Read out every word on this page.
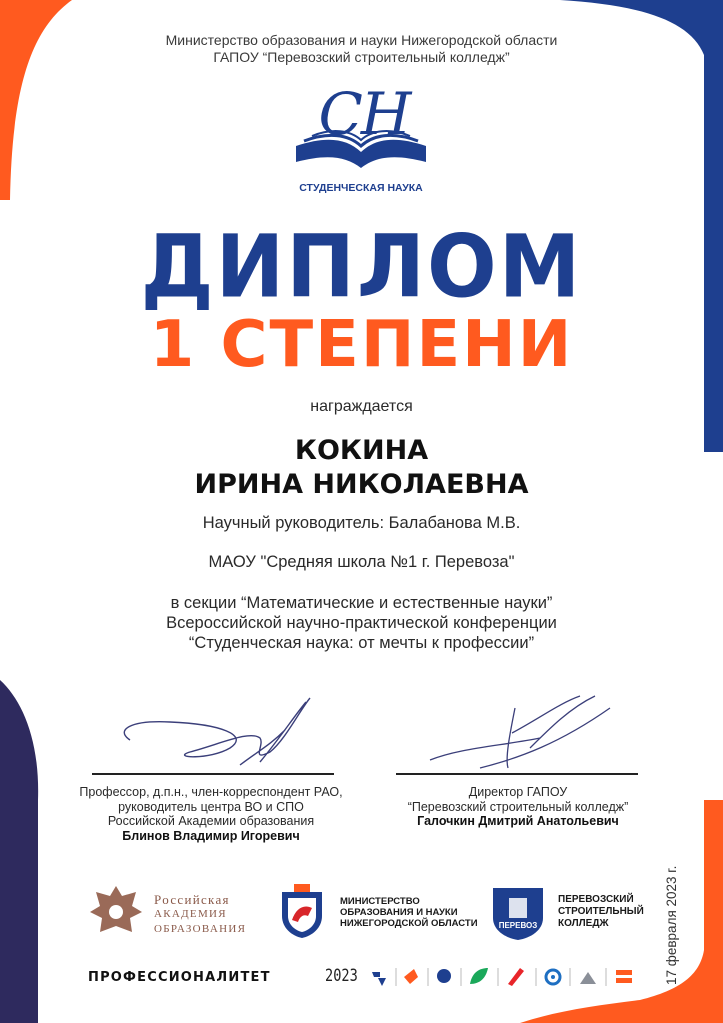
Министерство образования и науки Нижегородской области
ГАПОУ “Перевозский строительный колледж”
СН
СТУДЕНЧЕСКАЯ НАУКА
ДИПЛОМ
1 СТЕПЕНИ
награждается
КОКИНА
ИРИНА НИКОЛАЕВНА
Научный руководитель: Балабанова М.В.
МАОУ "Средняя школа №1 г. Перевоза"
в секции “Математические и естественные науки”
Всероссийской научно-практической конференции
“Студенческая наука: от мечты к профессии”
Профессор, д.п.н., член-корреспондент РАО,
руководитель центра ВО и СПО
Российской Академии образования
Блинов Владимир Игоревич
Директор ГАПОУ
“Перевозский строительный колледж”
Галочкин Дмитрий Анатольевич
17 февраля 2023 г.
Российская
АКАДЕМИЯ
ОБРАЗОВАНИЯ
МИНИСТЕРСТВО
ОБРАЗОВАНИЯ И НАУКИ
НИЖЕГОРОДСКОЙ ОБЛАСТИ	ПЕРЕВОЗ
ПЕРЕВОЗСКИЙ
СТРОИТЕЛЬНЫЙ
КОЛЛЕДЖ
ПРОФЕССИОНАЛИТЕТ	2023
